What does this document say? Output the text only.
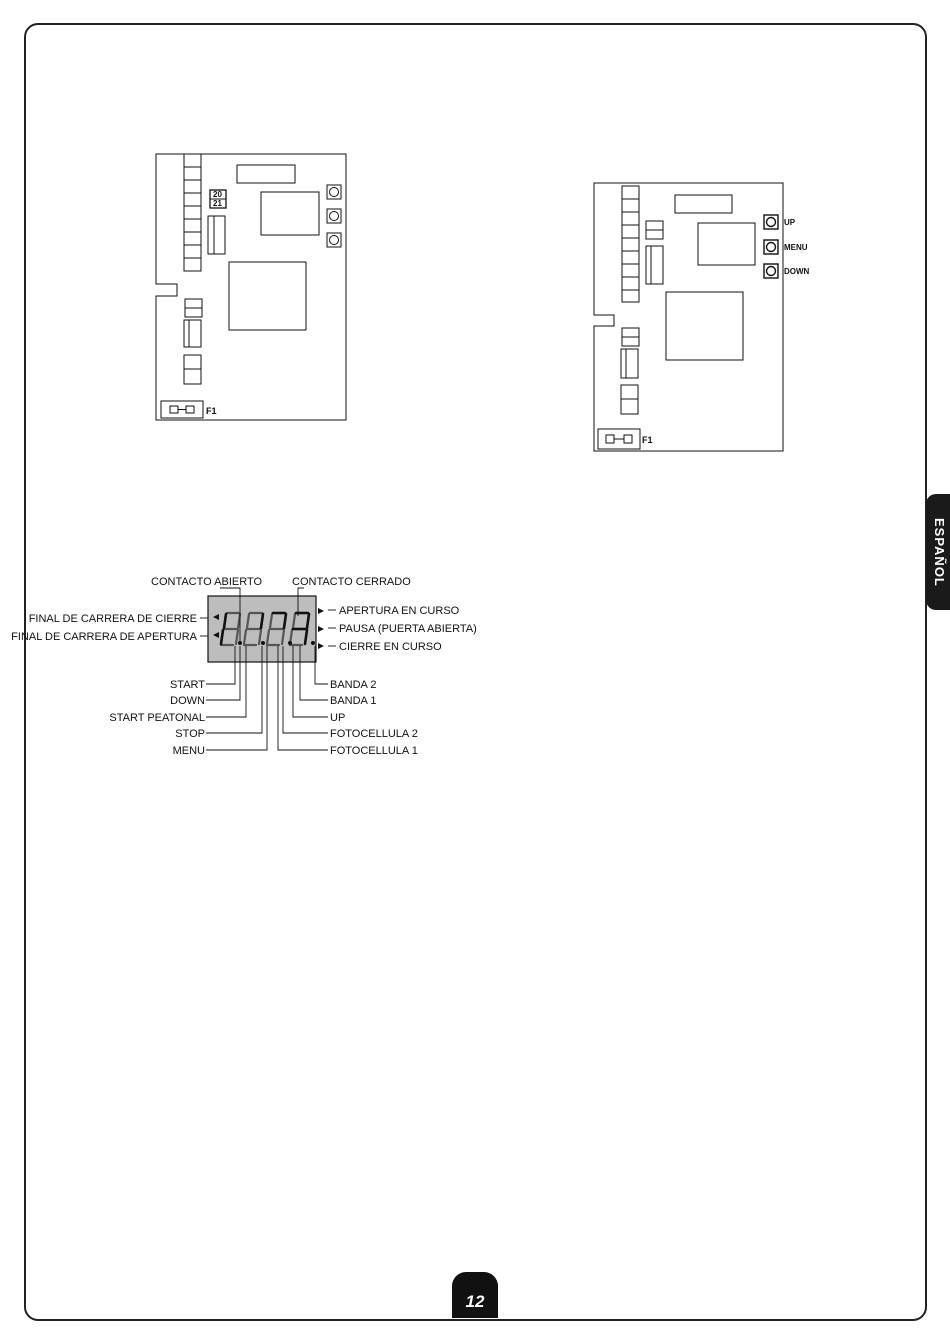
ESPAÑOL
12
20
21
F1
UP
MENU
DOWN
F1
CONTACTO ABIERTO	CONTACTO CERRADO
FINAL DE CARRERA DE CIERRE
FINAL DE CARRERA DE APERTURA
APERTURA EN CURSO
PAUSA (PUERTA ABIERTA)
CIERRE EN CURSO
START
DOWN
START PEATONAL
STOP
MENU
BANDA 2
BANDA 1
UP
FOTOCELLULA 2
FOTOCELLULA 1
